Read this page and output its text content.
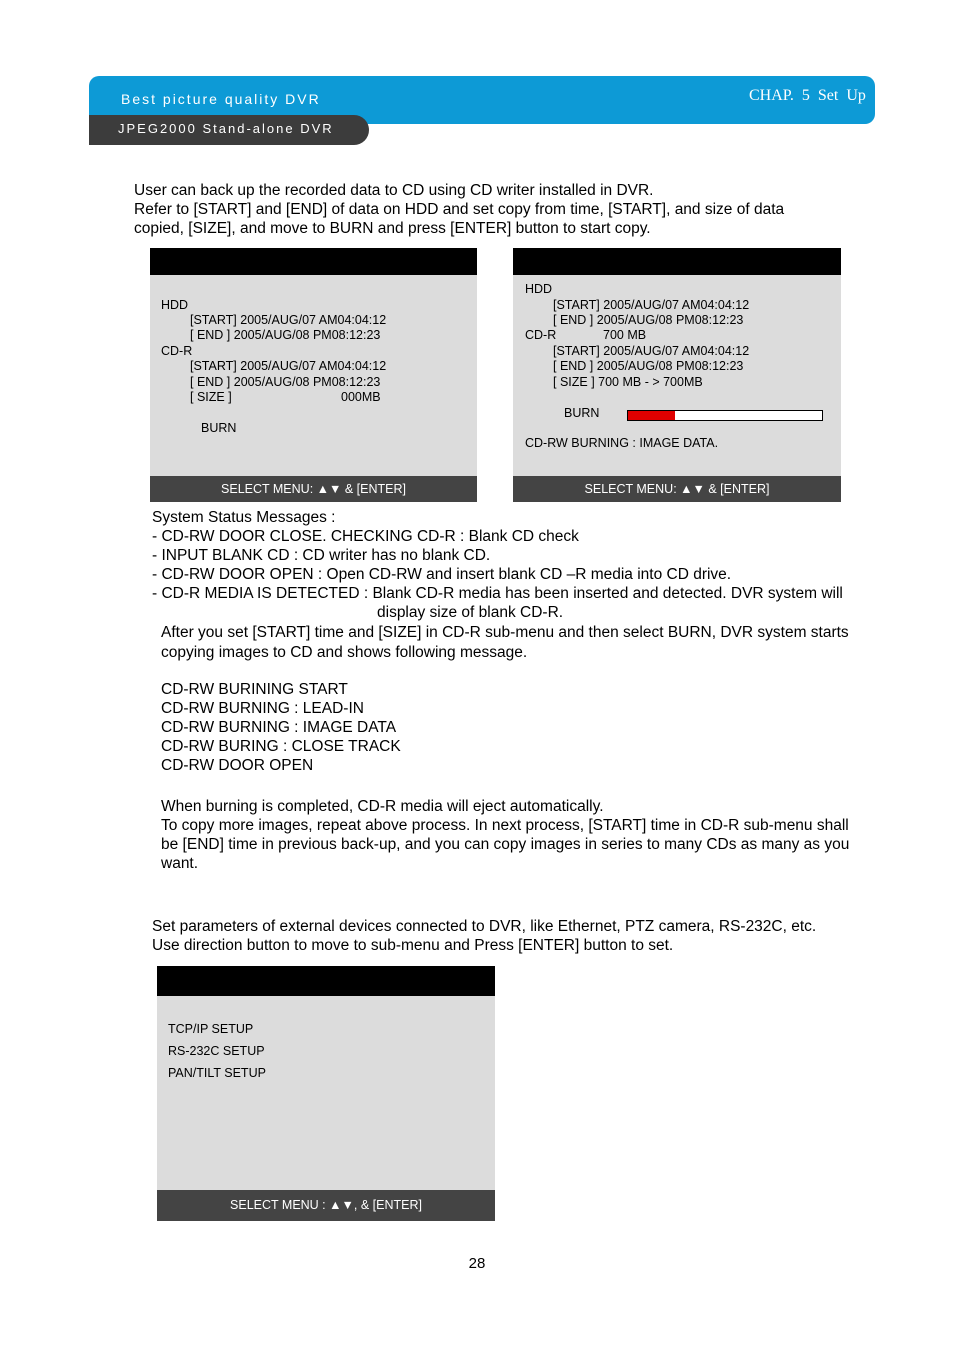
Best picture quality DVR	CHAP. 5 Set Up
JPEG2000 Stand-alone DVR
User can back up the recorded data to CD using CD writer installed in DVR.
Refer to [START] and [END] of data on HDD and set copy from time, [START], and size of data
copied, [SIZE], and move to BURN and press [ENTER] button to start copy.
HDD
[START] 2005/AUG/07 AM04:04:12
[ END ] 2005/AUG/08 PM08:12:23
CD-R
[START] 2005/AUG/07 AM04:04:12
[ END ] 2005/AUG/08 PM08:12:23
[ SIZE ]	000MB
BURN
SELECT MENU: ▲▼ & [ENTER]
HDD
[START] 2005/AUG/07 AM04:04:12
[ END ] 2005/AUG/08 PM08:12:23
CD-R	700 MB
[START] 2005/AUG/07 AM04:04:12
[ END ] 2005/AUG/08 PM08:12:23
[ SIZE ] 700 MB - > 700MB
BURN
CD-RW BURNING : IMAGE DATA.
SELECT MENU: ▲▼ & [ENTER]
System Status Messages :
- CD-RW DOOR CLOSE. CHECKING CD-R : Blank CD check
- INPUT BLANK CD : CD writer has no blank CD.
- CD-RW DOOR OPEN : Open CD-RW and insert blank CD –R media into CD drive.
- CD-R MEDIA IS DETECTED : Blank CD-R media has been inserted and detected. DVR system will
display size of blank CD-R.
After you set [START] time and [SIZE] in CD-R sub-menu and then select BURN, DVR system starts
copying images to CD and shows following message.
CD-RW BURINING START
CD-RW BURNING : LEAD-IN
CD-RW BURNING : IMAGE DATA
CD-RW BURING : CLOSE TRACK
CD-RW DOOR OPEN
When burning is completed, CD-R media will eject automatically.
To copy more images, repeat above process. In next process, [START] time in CD-R sub-menu shall
be [END] time in previous back-up, and you can copy images in series to many CDs as many as you
want.
Set parameters of external devices connected to DVR, like Ethernet, PTZ camera, RS-232C, etc.
Use direction button to move to sub-menu and Press [ENTER] button to set.
TCP/IP SETUP
RS-232C SETUP
PAN/TILT SETUP
SELECT MENU : ▲▼, & [ENTER]
28
